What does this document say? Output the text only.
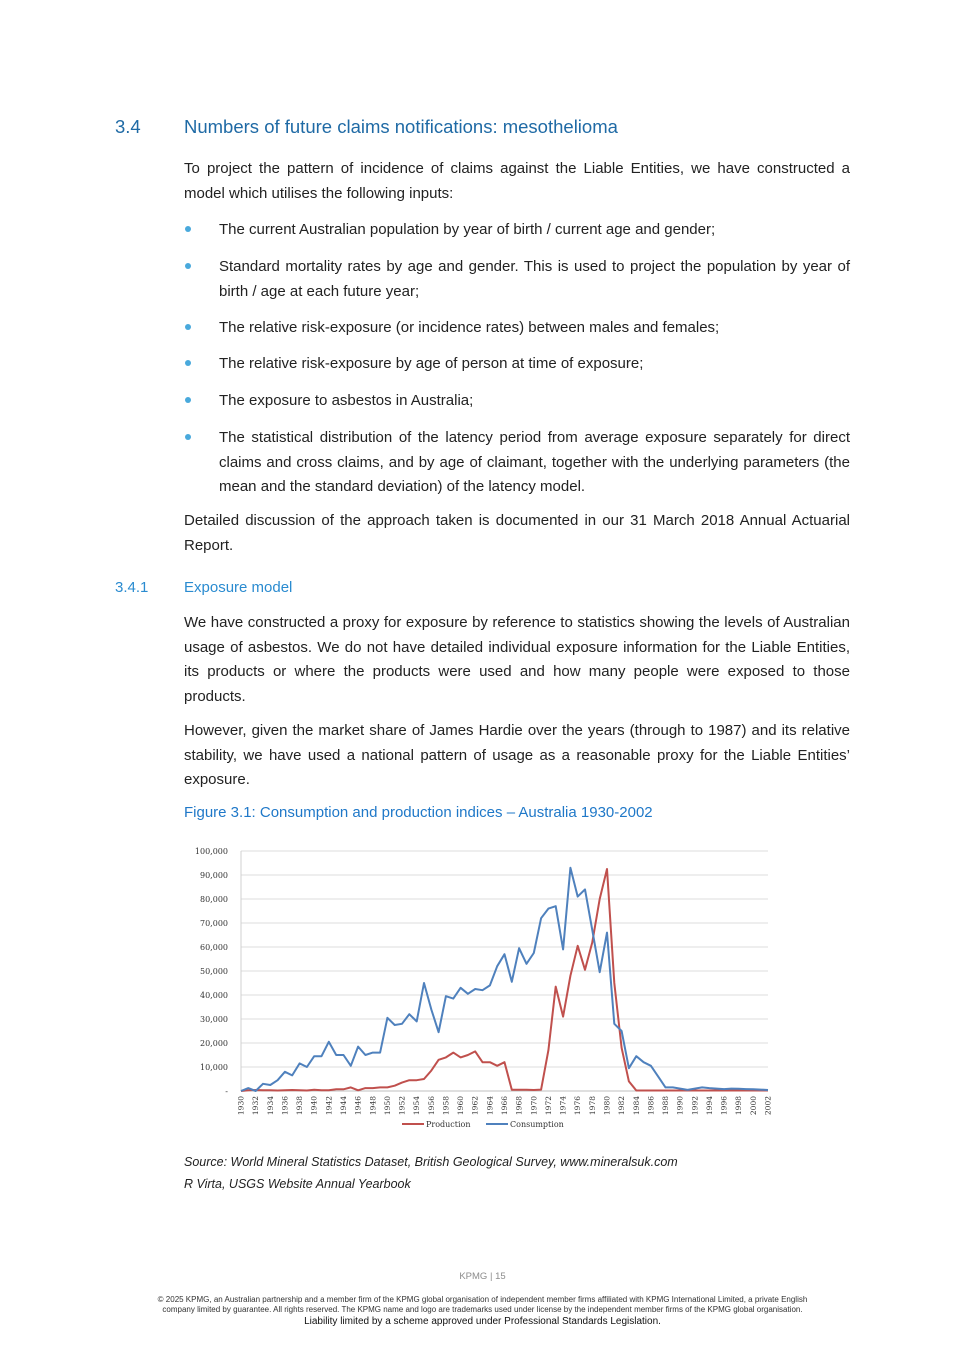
3.4 Numbers of future claims notifications: mesothelioma
To project the pattern of incidence of claims against the Liable Entities, we have constructed a model which utilises the following inputs:
The current Australian population by year of birth / current age and gender;
Standard mortality rates by age and gender. This is used to project the population by year of birth / age at each future year;
The relative risk-exposure (or incidence rates) between males and females;
The relative risk-exposure by age of person at time of exposure;
The exposure to asbestos in Australia;
The statistical distribution of the latency period from average exposure separately for direct claims and cross claims, and by age of claimant, together with the underlying parameters (the mean and the standard deviation) of the latency model.
Detailed discussion of the approach taken is documented in our 31 March 2018 Annual Actuarial Report.
3.4.1 Exposure model
We have constructed a proxy for exposure by reference to statistics showing the levels of Australian usage of asbestos. We do not have detailed individual exposure information for the Liable Entities, its products or where the products were used and how many people were exposed to those products.
However, given the market share of James Hardie over the years (through to 1987) and its relative stability, we have used a national pattern of usage as a reasonable proxy for the Liable Entities’ exposure.
Figure 3.1: Consumption and production indices – Australia 1930-2002
-
10,000
20,000
30,000
40,000
50,000
60,000
70,000
80,000
90,000
100,000
1930 1932 1934 1936 1938 1940 1942 1944 1946 1948 1950 1952 1954 1956 1958 1960 1962 1964 1966 1968 1970 1972 1974 1976 1978 1980 1982 1984 1986 1988 1990 1992 1994 1996 1998 2000 2002
Production	Consumption
Source: World Mineral Statistics Dataset, British Geological Survey, www.mineralsuk.com
R Virta, USGS Website Annual Yearbook
KPMG | 15
© 2025 KPMG, an Australian partnership and a member firm of the KPMG global organisation of independent member firms affiliated with KPMG International Limited, a private English
company limited by guarantee. All rights reserved. The KPMG name and logo are trademarks used under license by the independent member firms of the KPMG global organisation.
Liability limited by a scheme approved under Professional Standards Legislation.
